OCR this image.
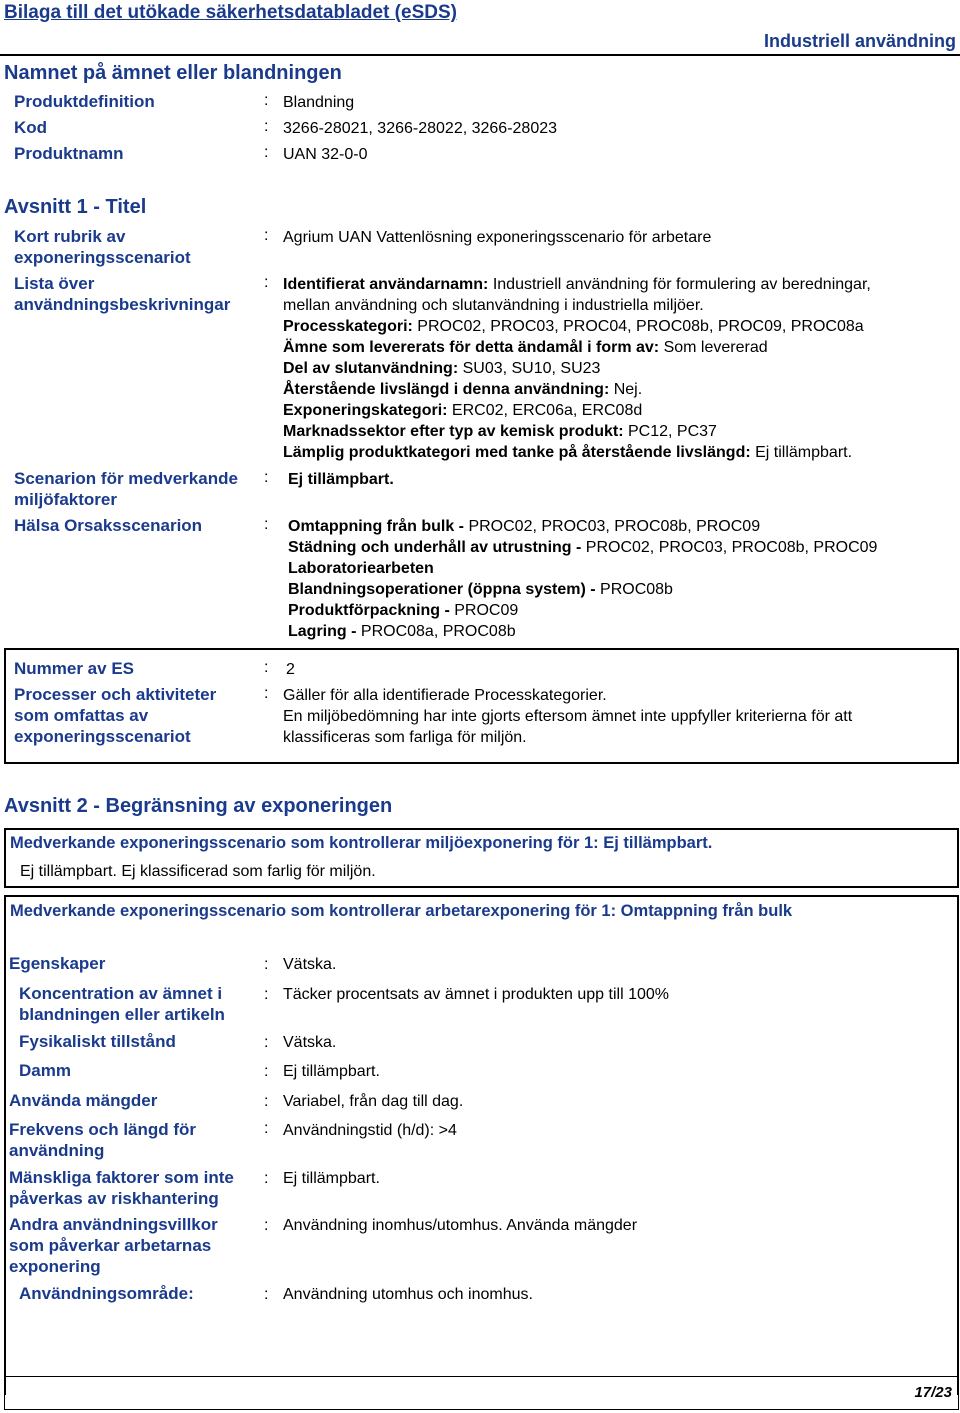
Bilaga till det utökade säkerhetsdatabladet (eSDS)
Industriell användning
Namnet på ämnet eller blandningen
Produktdefinition	: Blandning
Kod	: 3266-28021, 3266-28022, 3266-28023
Produktnamn	: UAN 32-0-0
Avsnitt 1 - Titel
Kort rubrik av exponeringsscenariot
: Agrium UAN Vattenlösning exponeringsscenario för arbetare
Lista över användningsbeskrivningar
: Identifierat användarnamn: Industriell användning för formulering av beredningar,
mellan användning och slutanvändning i industriella miljöer.
Processkategori: PROC02, PROC03, PROC04, PROC08b, PROC09, PROC08a
Ämne som levererats för detta ändamål i form av: Som levererad
Del av slutanvändning: SU03, SU10, SU23
Återstående livslängd i denna användning: Nej.
Exponeringskategori: ERC02, ERC06a, ERC08d
Marknadssektor efter typ av kemisk produkt: PC12, PC37
Lämplig produktkategori med tanke på återstående livslängd: Ej tillämpbart.
Scenarion för medverkande miljöfaktorer
: Ej tillämpbart.
Hälsa Orsaksscenarion	: Omtappning från bulk - PROC02, PROC03, PROC08b, PROC09
Städning och underhåll av utrustning - PROC02, PROC03, PROC08b, PROC09
Laboratoriearbeten
Blandningsoperationer (öppna system) - PROC08b
Produktförpackning - PROC09
Lagring - PROC08a, PROC08b
Nummer av ES	: 2
Processer och aktiviteter som omfattas av exponeringsscenariot
: Gäller för alla identifierade Processkategorier.
En miljöbedömning har inte gjorts eftersom ämnet inte uppfyller kriterierna för att klassificeras som farliga för miljön.
Avsnitt 2 - Begränsning av exponeringen
Medverkande exponeringsscenario som kontrollerar miljöexponering för 1: Ej tillämpbart.
Ej tillämpbart. Ej klassificerad som farlig för miljön.
Medverkande exponeringsscenario som kontrollerar arbetarexponering för 1: Omtappning från bulk
Egenskaper	: Vätska.
Koncentration av ämnet i blandningen eller artikeln
: Täcker procentsats av ämnet i produkten upp till 100%
Fysikaliskt tillstånd	: Vätska.
Damm	: Ej tillämpbart.
Använda mängder	: Variabel, från dag till dag.
Frekvens och längd för användning
: Användningstid (h/d): >4
Mänskliga faktorer som inte påverkas av riskhantering
: Ej tillämpbart.
Andra användningsvillkor som påverkar arbetarnas exponering
: Användning inomhus/utomhus. Använda mängder
Användningsområde:	: Användning utomhus och inomhus.
17/23
